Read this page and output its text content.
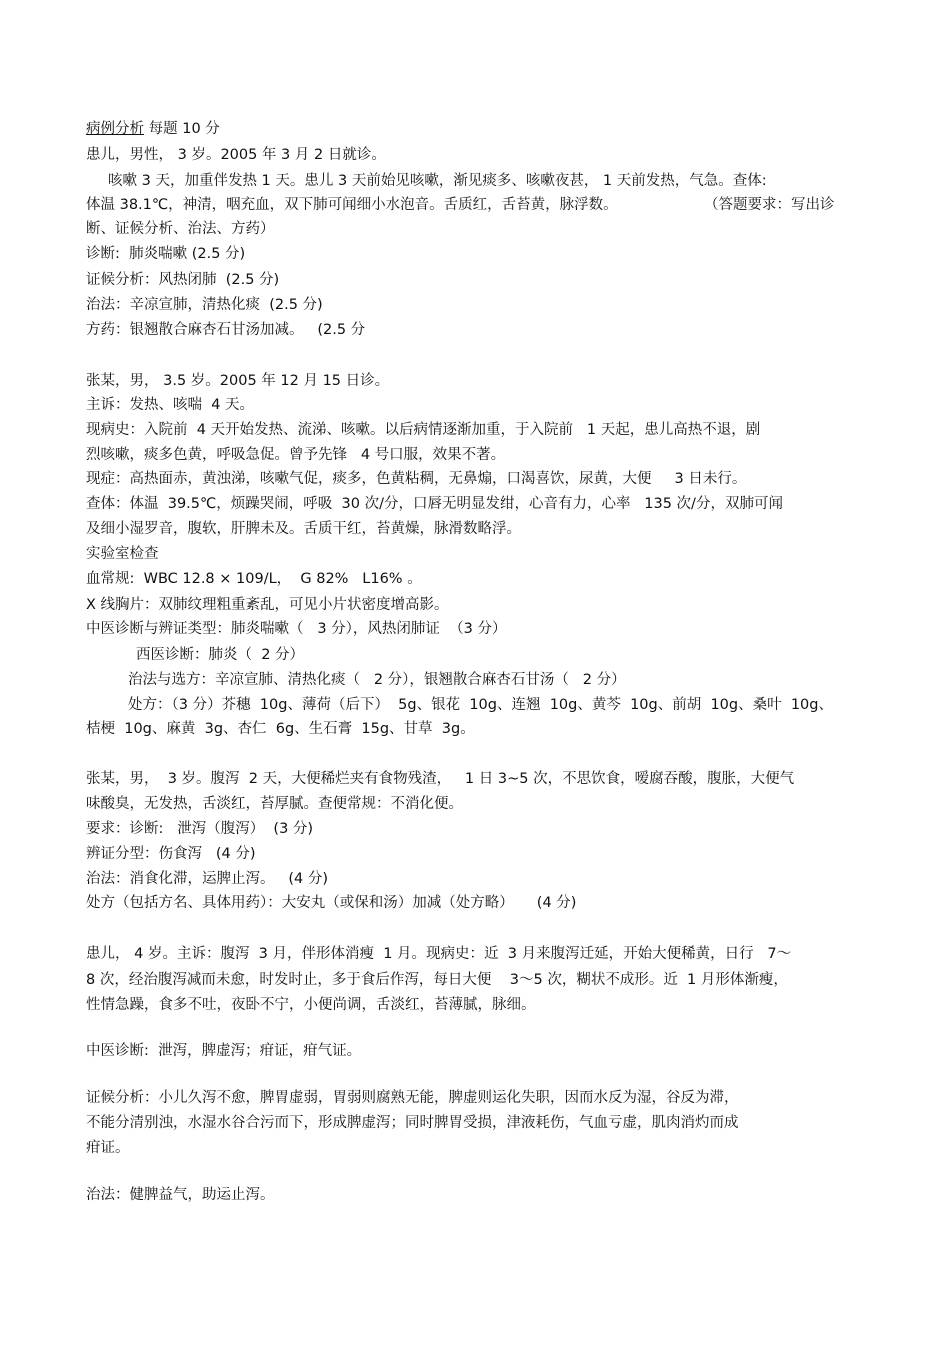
病例分析 每题 10 分
患儿，男性， 3 岁。2005 年 3 月 2 日就诊。
咳嗽 3 天，加重伴发热 1 天。患儿 3 天前始见咳嗽，渐见痰多、咳嗽夜甚， 1 天前发热，气急。查体:
体温 38.1℃，神清，咽充血，双下肺可闻细小水泡音。舌质红，舌苔黄，脉浮数。	（答题要求：写出诊
断、证候分析、治法、方药）
诊断:  肺炎喘嗽 (2.5 分)
证候分析：风热闭肺  (2.5 分)
治法：辛凉宣肺，清热化痰  (2.5 分)
方药：银翘散合麻杏石甘汤加减。   (2.5 分
张某，男， 3.5 岁。2005 年 12 月 15 日诊。
主诉：发热、咳喘  4 天。
现病史：入院前  4 天开始发热、流涕、咳嗽。以后病情逐渐加重，于入院前   1 天起，患儿高热不退，剧
烈咳嗽，痰多色黄，呼吸急促。曾予先锋   4 号口服，效果不著。
现症：高热面赤，黄浊涕，咳嗽气促，痰多，色黄粘稠，无鼻煽，口渴喜饮，尿黄，大便     3 日未行。
查体：体温  39.5℃，烦躁哭闹，呼吸  30 次/分，口唇无明显发绀，心音有力，心率   135 次/分，双肺可闻
及细小湿罗音，腹软，肝脾未及。舌质干红，苔黄燥，脉滑数略浮。
实验室检查
血常规:  WBC 12.8 × 109/L，  G 82%   L16% 。
X 线胸片：双肺纹理粗重紊乱，可见小片状密度增高影。
中医诊断与辨证类型：肺炎喘嗽（   3 分），风热闭肺证  （3 分）
西医诊断：肺炎（  2 分）
治法与选方：辛凉宣肺、清热化痰（   2 分），银翘散合麻杏石甘汤（   2 分）
处方：（3 分）芥穗  10g、薄荷（后下）  5g、银花  10g、连翘  10g、黄芩  10g、前胡  10g、桑叶  10g、
桔梗  10g、麻黄  3g、杏仁  6g、生石膏  15g、甘草  3g。
张某，男，  3 岁。腹泻  2 天，大便稀烂夹有食物残渣，   1 日 3~5 次，不思饮食，嗳腐吞酸，腹胀，大便气
味酸臭，无发热，舌淡红，苔厚腻。查便常规：不消化便。
要求：诊断:   泄泻（腹泻）  (3 分)
辨证分型：伤食泻   (4 分)
治法：消食化滞，运脾止泻。   (4 分)
处方（包括方名、具体用药）：大安丸（或保和汤）加减（处方略）     (4 分)
患儿， 4 岁。主诉：腹泻  3 月，伴形体消瘦  1 月。现病史：近  3 月来腹泻迁延，开始大便稀黄，日行   7～
8 次，经治腹泻减而未愈，时发时止，多于食后作泻，每日大便    3～5 次，糊状不成形。近  1 月形体渐瘦，
性情急躁，食多不吐，夜卧不宁，小便尚调，舌淡红，苔薄腻，脉细。
中医诊断:  泄泻，脾虚泻；疳证，疳气证。
证候分析：小儿久泻不愈，脾胃虚弱，胃弱则腐熟无能，脾虚则运化失职，因而水反为湿，谷反为滞，
不能分清别浊，水湿水谷合污而下，形成脾虚泻；同时脾胃受损，津液耗伤，气血亏虚，肌肉消灼而成
疳证。
治法：健脾益气，助运止泻。
